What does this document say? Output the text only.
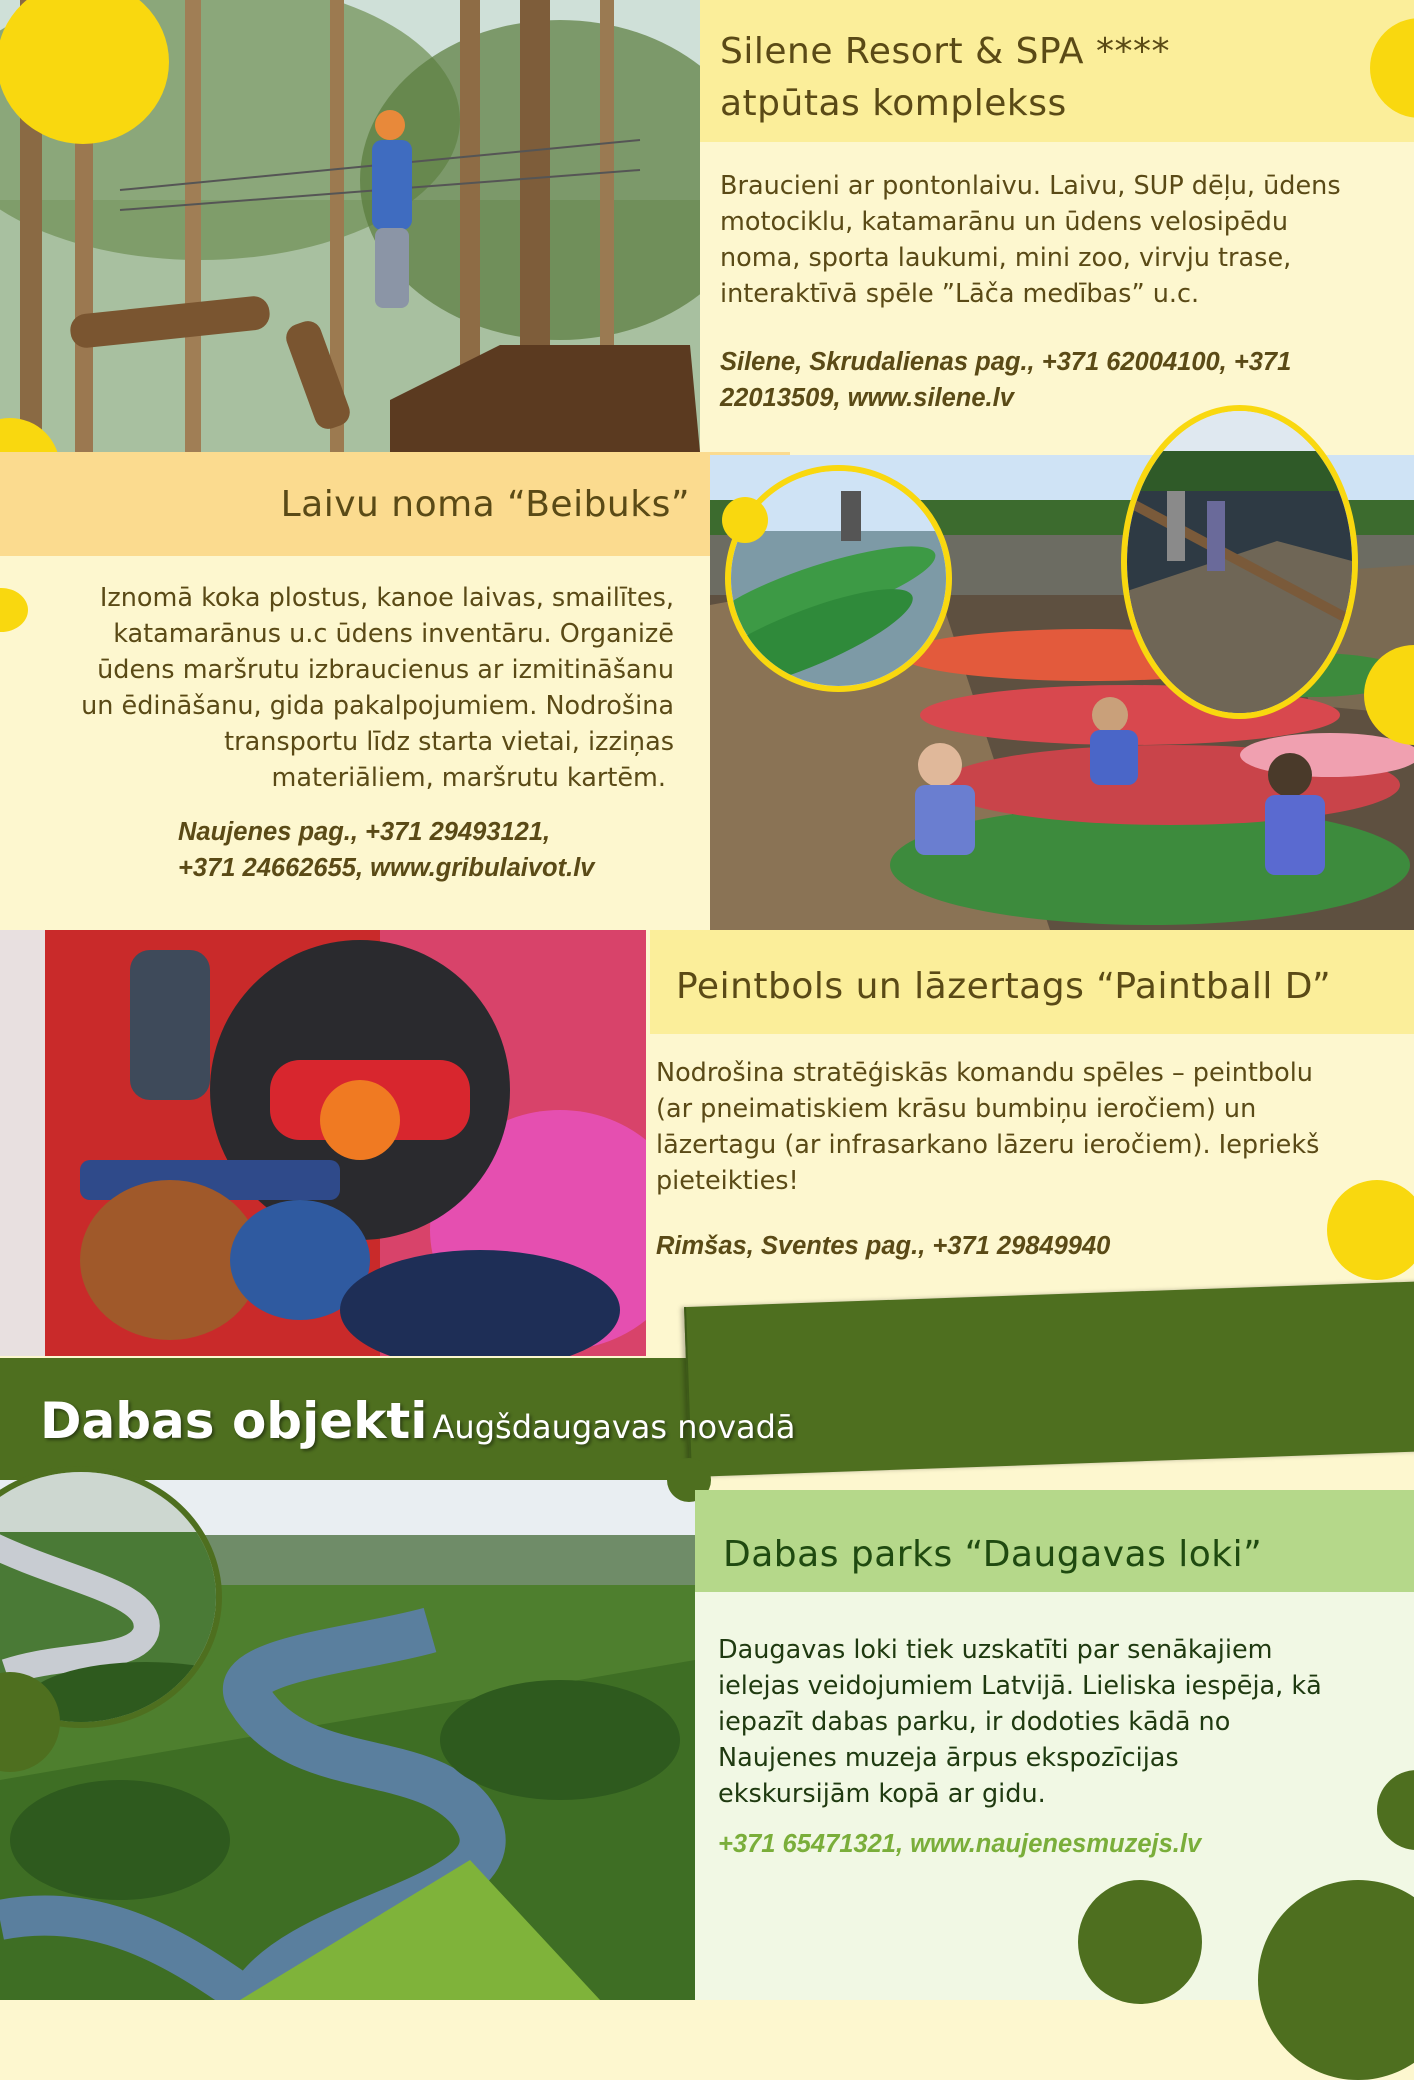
Silene Resort & SPA ****
atpūtas komplekss
Braucieni ar pontonlaivu. Laivu, SUP dēļu, ūdens
motociklu, katamarānu un ūdens velosipēdu
noma, sporta laukumi, mini zoo, virvju trase,
interaktīvā spēle ”Lāča medības” u.c.
Silene, Skrudalienas pag., +371 62004100, +371
22013509, www.silene.lv
Laivu noma “Beibuks”
Iznomā koka plostus, kanoe laivas, smailītes,
katamarānus u.c ūdens inventāru. Organizē
ūdens maršrutu izbraucienus ar izmitināšanu
un ēdināšanu, gida pakalpojumiem. Nodrošina
transportu līdz starta vietai, izziņas
materiāliem, maršrutu kartēm.
Naujenes pag., +371 29493121,
+371 24662655, www.gribulaivot.lv
Peintbols un lāzertags “Paintball D”
Nodrošina stratēģiskās komandu spēles – peintbolu
(ar pneimatiskiem krāsu bumbiņu ieročiem) un
lāzertagu (ar infrasarkano lāzeru ieročiem). Iepriekš
pieteikties!
Rimšas, Sventes pag., +371 29849940
Dabas objekti Augšdaugavas novadā
Dabas parks “Daugavas loki”
Daugavas loki tiek uzskatīti par senākajiem
ielejas veidojumiem Latvijā. Lieliska iespēja, kā
iepazīt dabas parku, ir dodoties kādā no
Naujenes muzeja ārpus ekspozīcijas
ekskursijām kopā ar gidu.
+371 65471321, www.naujenesmuzejs.lv
